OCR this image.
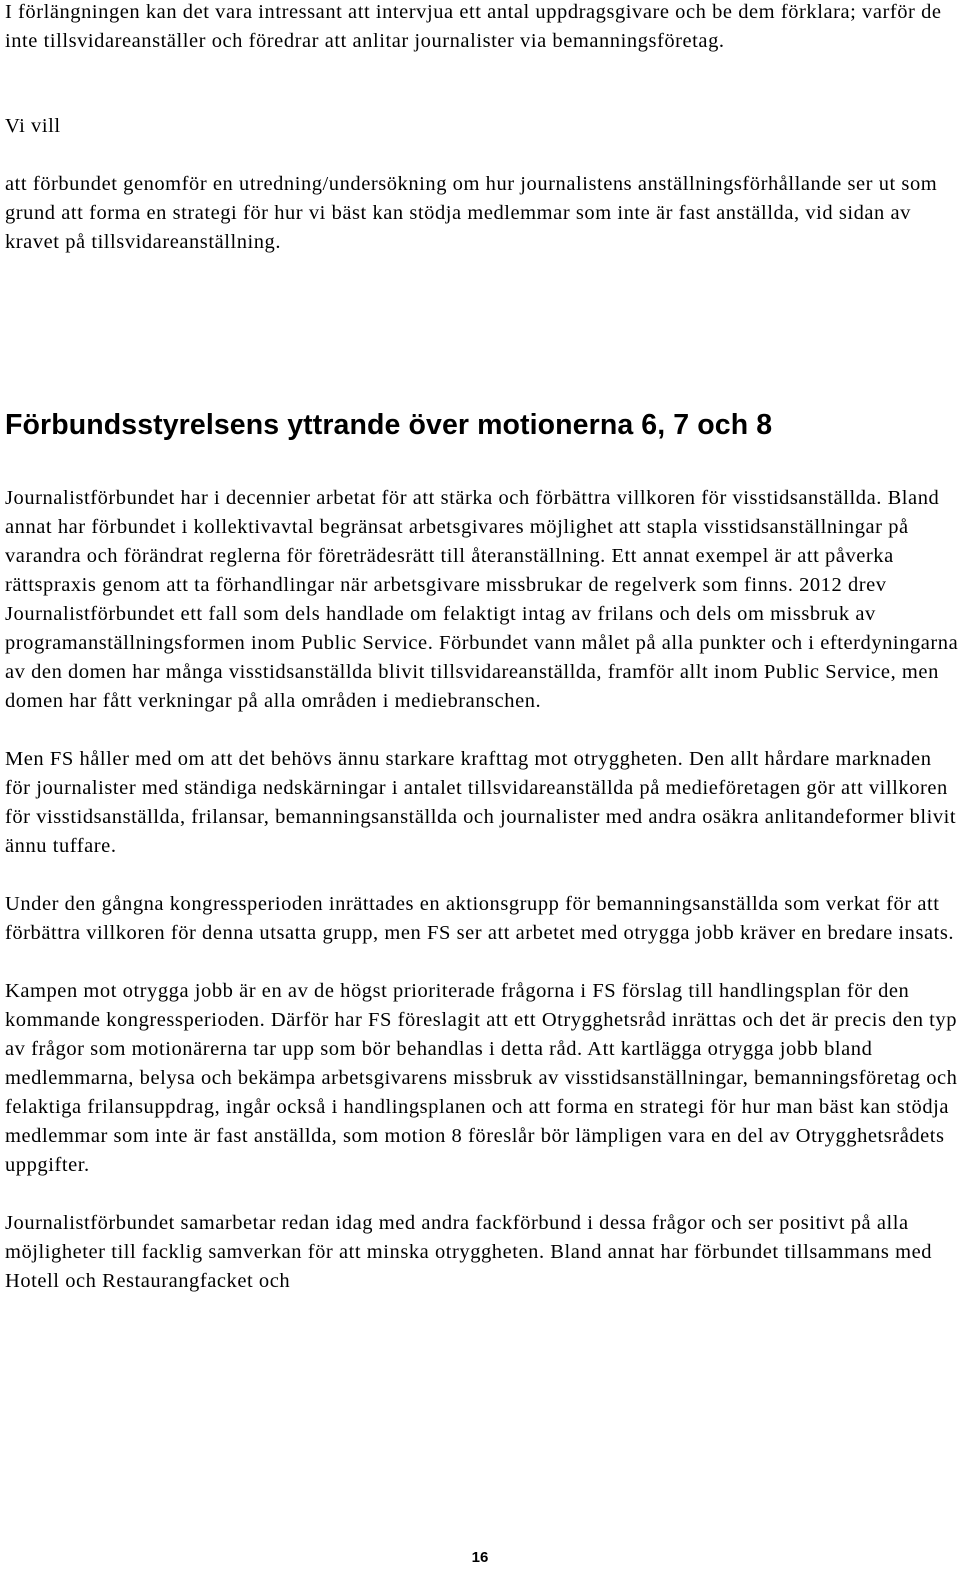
I förlängningen kan det vara intressant att intervjua ett antal uppdragsgivare och be dem förklara; varför de inte tillsvidareanställer och föredrar att anlitar journalister via bemanningsföretag.

Vi vill

att förbundet genomför en utredning/undersökning om hur journalistens anställningsförhållande ser ut som grund att forma en strategi för hur vi bäst kan stödja medlemmar som inte är fast anställda, vid sidan av kravet på tillsvidareanställning.

Förbundsstyrelsens yttrande över motionerna 6, 7 och 8

Journalistförbundet har i decennier arbetat för att stärka och förbättra villkoren för visstidsanställda. Bland annat har förbundet i kollektivavtal begränsat arbetsgivares möjlighet att stapla visstidsanställningar på varandra och förändrat reglerna för företrädesrätt till återanställning. Ett annat exempel är att påverka rättspraxis genom att ta förhandlingar när arbetsgivare missbrukar de regelverk som finns. 2012 drev Journalistförbundet ett fall som dels handlade om felaktigt intag av frilans och dels om missbruk av programanställningsformen inom Public Service. Förbundet vann målet på alla punkter och i efterdyningarna av den domen har många visstidsanställda blivit tillsvidareanställda, framför allt inom Public Service, men domen har fått verkningar på alla områden i mediebranschen.

Men FS håller med om att det behövs ännu starkare krafttag mot otryggheten. Den allt hårdare marknaden för journalister med ständiga nedskärningar i antalet tillsvidareanställda på medieföretagen gör att villkoren för visstidsanställda, frilansar, bemanningsanställda och journalister med andra osäkra anlitandeformer blivit ännu tuffare.

Under den gångna kongressperioden inrättades en aktionsgrupp för bemanningsanställda som verkat för att förbättra villkoren för denna utsatta grupp, men FS ser att arbetet med otrygga jobb kräver en bredare insats.

Kampen mot otrygga jobb är en av de högst prioriterade frågorna i FS förslag till handlingsplan för den kommande kongressperioden. Därför har FS föreslagit att ett Otrygghetsråd inrättas och det är precis den typ av frågor som motionärerna tar upp som bör behandlas i detta råd. Att kartlägga otrygga jobb bland medlemmarna, belysa och bekämpa arbetsgivarens missbruk av visstidsanställningar, bemanningsföretag och felaktiga frilansuppdrag, ingår också i handlingsplanen och att forma en strategi för hur man bäst kan stödja medlemmar som inte är fast anställda, som motion 8 föreslår bör lämpligen vara en del av Otrygghetsrådets uppgifter.

Journalistförbundet samarbetar redan idag med andra fackförbund i dessa frågor och ser positivt på alla möjligheter till facklig samverkan för att minska otryggheten. Bland annat har förbundet tillsammans med Hotell och Restaurangfacket och

16
